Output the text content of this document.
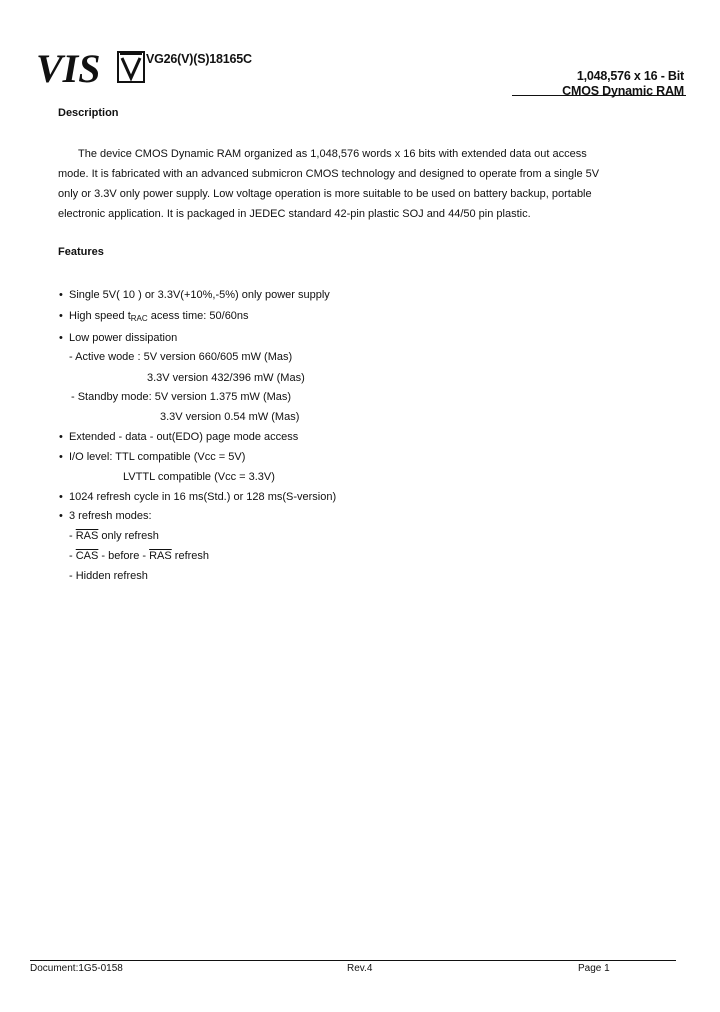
VIS	VG26(V)(S)18165C
1,048,576 x 16 - Bit
CMOS Dynamic RAM
Description
The device CMOS Dynamic RAM organized as 1,048,576 words x 16 bits with extended data out access mode. It is fabricated with an advanced submicron CMOS technology and designed to operate from a single 5V only or 3.3V only power supply. Low voltage operation is more suitable to be used on battery backup, portable electronic application. It is packaged in JEDEC standard 42-pin plastic SOJ and 44/50 pin plastic.
Features
• Single 5V( 10 ) or 3.3V(+10%,-5%) only power supply
• High speed $t_{RAC}$ acess time: 50/60ns
• Low power dissipation
- Active wode : 5V version 660/605 mW (Mas)
3.3V version 432/396 mW (Mas)
- Standby mode: 5V version 1.375 mW (Mas)
3.3V version 0.54 mW (Mas)
• Extended - data - out(EDO) page mode access
• I/O level: TTL compatible (Vcc = 5V)
LVTTL compatible (Vcc = 3.3V)
• 1024 refresh cycle in 16 ms(Std.) or 128 ms(S-version)
• 3 refresh modes:
- $\overline{RAS}$ only refresh
- $\overline{CAS}$ - before - $\overline{RAS}$ refresh
- Hidden refresh
Document:1G5-0158	Rev.4	Page 1
